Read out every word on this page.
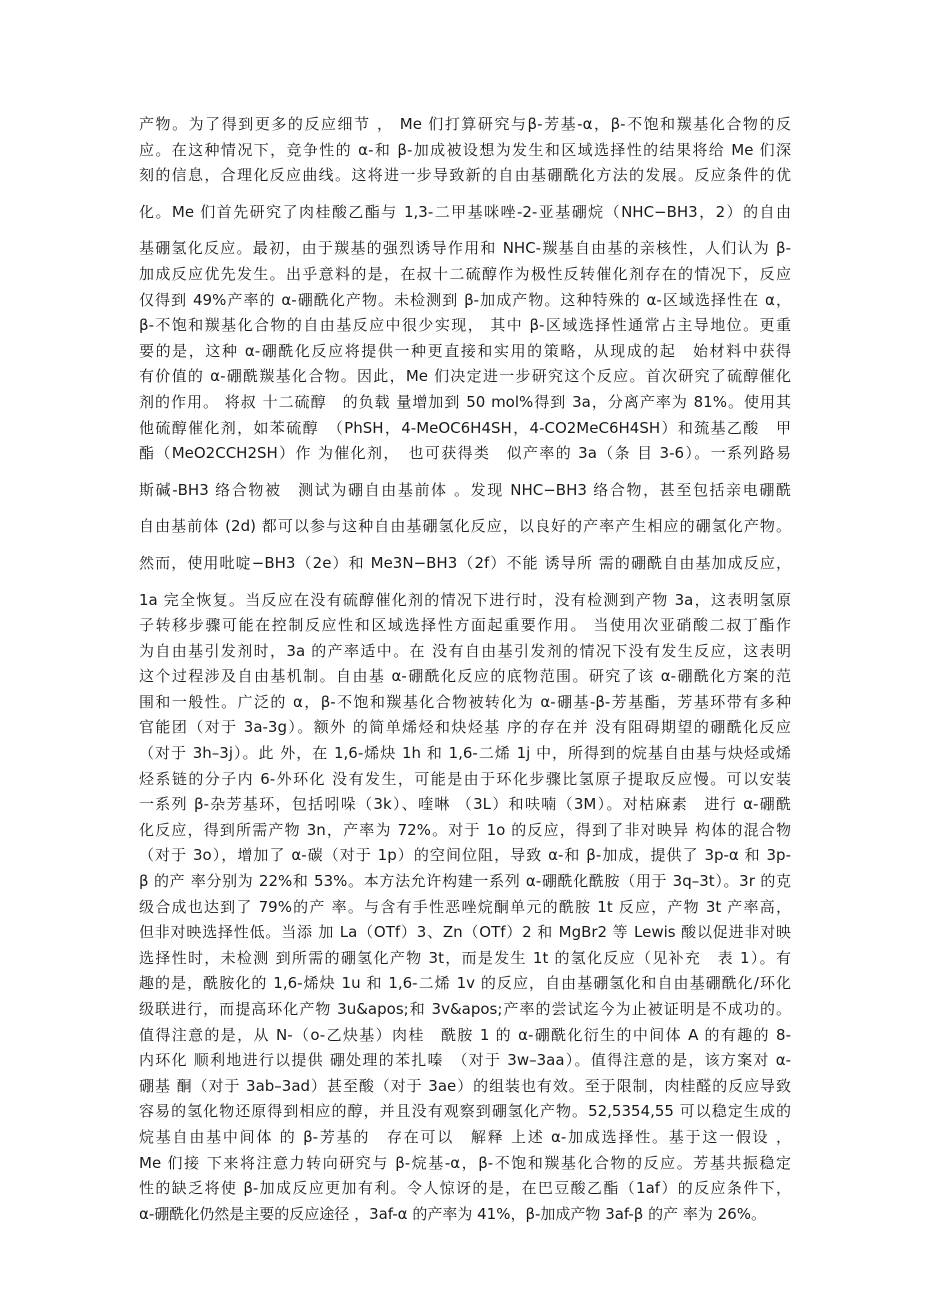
产物。为了得到更多的反应细节 ， Me 们打算研究与β-芳基-α，β-不饱和羰基化合物的反
应。在这种情况下，竞争性的 α-和 β-加成被设想为发生和区域选择性的结果将给 Me 们深
刻的信息，合理化反应曲线。这将进一步导致新的自由基硼酰化方法的发展。反应条件的优
化。Me 们首先研究了肉桂酸乙酯与 1,3-二甲基咪唑-2-亚基硼烷（NHC−BH3，2）的自由
基硼氢化反应。最初，由于羰基的强烈诱导作用和 NHC-羰基自由基的亲核性，人们认为 β-
加成反应优先发生。出乎意料的是，在叔十二硫醇作为极性反转催化剂存在的情况下，反应
仅得到 49%产率的 α-硼酰化产物。未检测到 β-加成产物。这种特殊的 α-区域选择性在 α，
β-不饱和羰基化合物的自由基反应中很少实现， 其中 β-区域选择性通常占主导地位。更重
要的是，这种 α-硼酰化反应将提供一种更直接和实用的策略，从现成的起　始材料中获得
有价值的 α-硼酰羰基化合物。因此，Me 们决定进一步研究这个反应。首次研究了硫醇催化
剂的作用。 将叔 十二硫醇　的负载 量增加到 50 mol%得到 3a，分离产率为 81%。使用其
他硫醇催化剂，如苯硫醇　（PhSH，4-MeOC6H4SH，4-CO2MeC6H4SH）和巯基乙酸　甲
酯（MeO2CCH2SH）作 为催化剂，　也可获得类　似产率的 3a（条 目 3-6）。一系列路易
斯碱-BH3 络合物被　测试为硼自由基前体 。发现 NHC−BH3 络合物，甚至包括亲电硼酰
自由基前体 (2d) 都可以参与这种自由基硼氢化反应，以良好的产率产生相应的硼氢化产物。
然而，使用吡啶−BH3（2e）和 Me3N−BH3（2f）不能 诱导所 需的硼酰自由基加成反应，
1a 完全恢复。当反应在没有硫醇催化剂的情况下进行时，没有检测到产物 3a，这表明氢原
子转移步骤可能在控制反应性和区域选择性方面起重要作用。 当使用次亚硝酸二叔丁酯作
为自由基引发剂时，3a 的产率适中。在 没有自由基引发剂的情况下没有发生反应，这表明
这个过程涉及自由基机制。自由基 α-硼酰化反应的底物范围。研究了该 α-硼酰化方案的范
围和一般性。广泛的 α，β-不饱和羰基化合物被转化为 α-硼基-β-芳基酯，芳基环带有多种
官能团（对于 3a-3g）。额外 的简单烯烃和炔烃基 序的存在并 没有阻碍期望的硼酰化反应
（对于 3h–3j）。此 外，在 1,6-烯炔 1h 和 1,6-二烯 1j 中，所得到的烷基自由基与炔烃或烯
烃系链的分子内 6-外环化 没有发生，可能是由于环化步骤比氢原子提取反应慢。可以安装
一系列 β-杂芳基环，包括吲哚（3k）、喹啉 （3L）和呋喃（3M）。对枯麻素　进行 α-硼酰
化反应，得到所需产物 3n，产率为 72%。对于 1o 的反应，得到了非对映异 构体的混合物
（对于 3o），增加了 α-碳（对于 1p）的空间位阻，导致 α-和 β-加成，提供了 3p-α 和 3p-
β 的产 率分别为 22%和 53%。本方法允许构建一系列 α-硼酰化酰胺（用于 3q–3t）。3r 的克
级合成也达到了 79%的产 率。与含有手性恶唑烷酮单元的酰胺 1t 反应，产物 3t 产率高，
但非对映选择性低。当添 加 La（OTf）3、Zn（OTf）2 和 MgBr2 等 Lewis 酸以促进非对映
选择性时，未检测 到所需的硼氢化产物 3t，而是发生 1t 的氢化反应（见补充　表 1）。有
趣的是，酰胺化的 1,6-烯炔 1u 和 1,6-二烯 1v 的反应，自由基硼氢化和自由基硼酰化/环化
级联进行，而提高环化产物 3u&apos;和 3v&apos;产率的尝试迄今为止被证明是不成功的。
值得注意的是，从 N-（o-乙炔基）肉桂　酰胺 1 的 α-硼酰化衍生的中间体 A 的有趣的 8-
内环化 顺利地进行以提供 硼处理的苯扎嗪　（对于 3w–3aa）。值得注意的是，该方案对 α-
硼基 酮（对于 3ab–3ad）甚至酸（对于 3ae）的组装也有效。至于限制，肉桂醛的反应导致
容易的氢化物还原得到相应的醇，并且没有观察到硼氢化产物。52,5354,55 可以稳定生成的
烷基自由基中间体 的 β-芳基的　存在可以　解释 上述 α-加成选择性。基于这一假设 ，
Me 们接 下来将注意力转向研究与 β-烷基-α，β-不饱和羰基化合物的反应。芳基共振稳定
性的缺乏将使 β-加成反应更加有利。令人惊讶的是，在巴豆酸乙酯（1af）的反应条件下，
α-硼酰化仍然是主要的反应途径 ，3af-α 的产率为 41%，β-加成产物 3af-β 的产 率为 26%。
